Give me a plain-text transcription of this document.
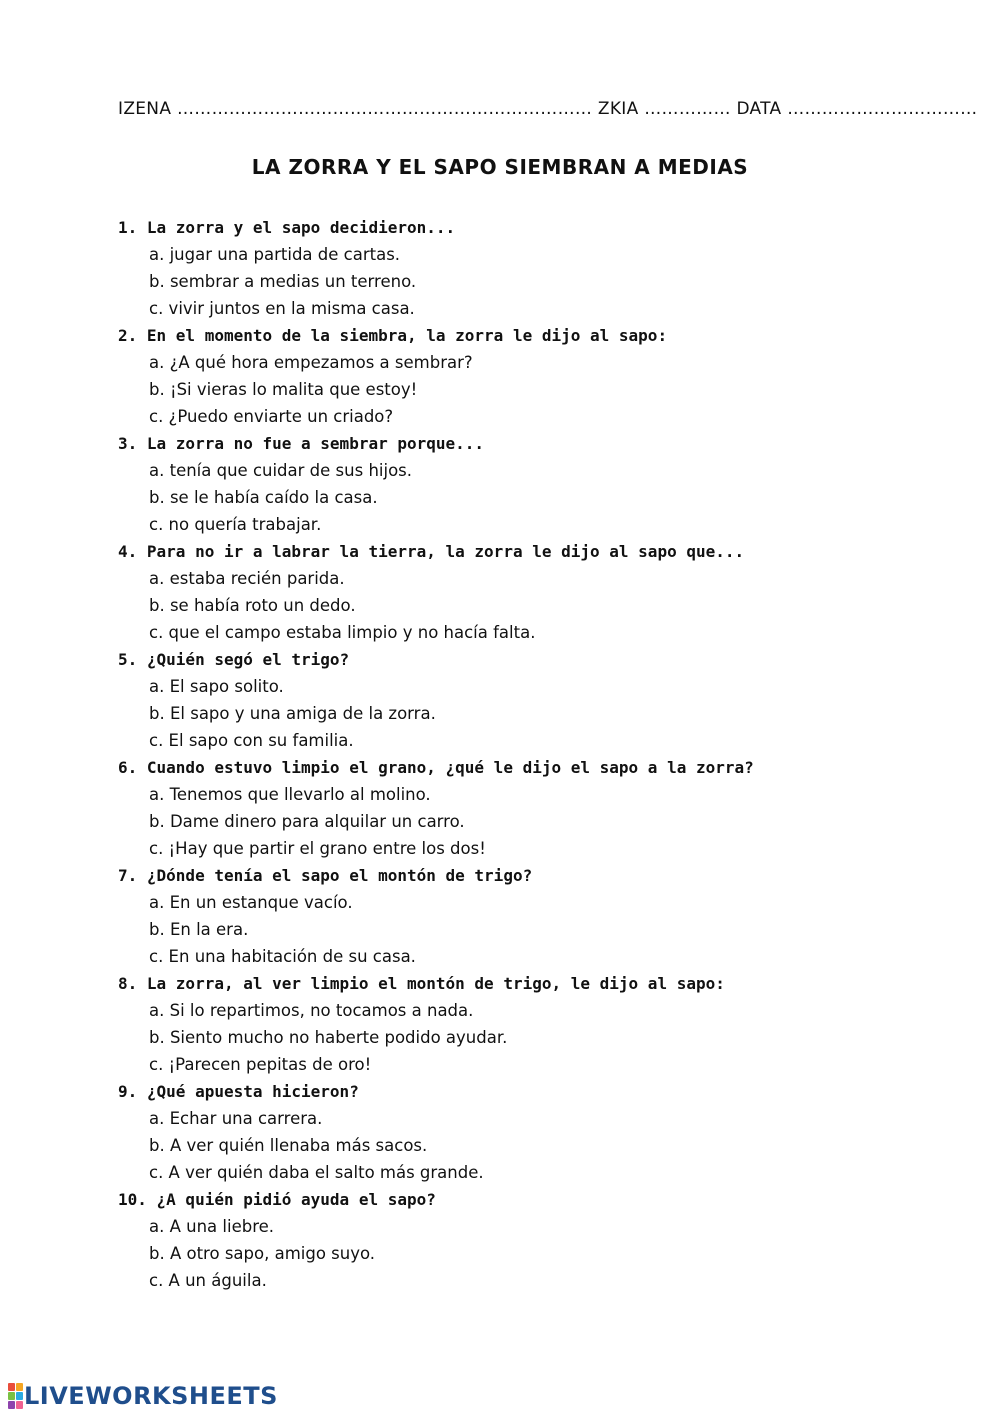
IZENA ……………………………………………………………… ZKIA …………… DATA ……………………………
LA ZORRA Y EL SAPO SIEMBRAN A MEDIAS
1. La zorra y el sapo decidieron...
a. jugar una partida de cartas.
b. sembrar a medias un terreno.
c. vivir juntos en la misma casa.
2. En el momento de la siembra, la zorra le dijo al sapo:
a. ¿A qué hora empezamos a sembrar?
b. ¡Si vieras lo malita que estoy!
c. ¿Puedo enviarte un criado?
3. La zorra no fue a sembrar porque...
a. tenía que cuidar de sus hijos.
b. se le había caído la casa.
c. no quería trabajar.
4. Para no ir a labrar la tierra, la zorra le dijo al sapo que...
a. estaba recién parida.
b. se había roto un dedo.
c. que el campo estaba limpio y no hacía falta.
5. ¿Quién segó el trigo?
a. El sapo solito.
b. El sapo y una amiga de la zorra.
c. El sapo con su familia.
6. Cuando estuvo limpio el grano, ¿qué le dijo el sapo a la zorra?
a. Tenemos que llevarlo al molino.
b. Dame dinero para alquilar un carro.
c. ¡Hay que partir el grano entre los dos!
7. ¿Dónde tenía el sapo el montón de trigo?
a. En un estanque vacío.
b. En la era.
c. En una habitación de su casa.
8. La zorra, al ver limpio el montón de trigo, le dijo al sapo:
a. Si lo repartimos, no tocamos a nada.
b. Siento mucho no haberte podido ayudar.
c. ¡Parecen pepitas de oro!
9. ¿Qué apuesta hicieron?
a. Echar una carrera.
b. A ver quién llenaba más sacos.
c. A ver quién daba el salto más grande.
10. ¿A quién pidió ayuda el sapo?
a. A una liebre.
b. A otro sapo, amigo suyo.
c. A un águila.
LIVEWORKSHEETS
